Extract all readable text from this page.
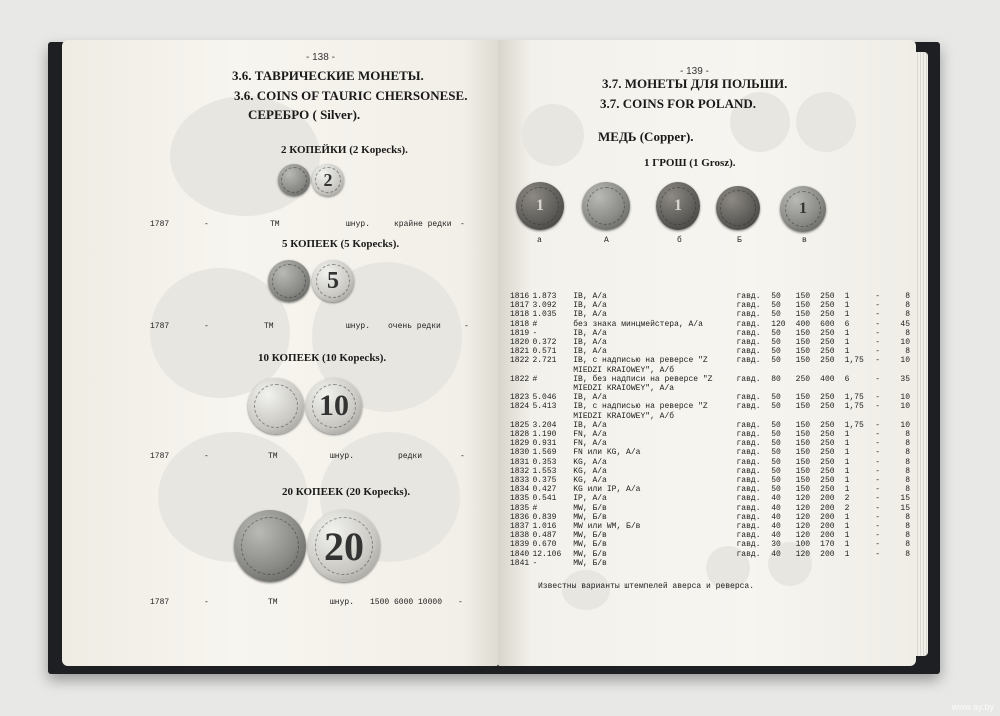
- 138 -
3.6. ТАВРИЧЕСКИЕ МОНЕТЫ.
3.6. COINS OF TAURIC CHERSONESE.
СЕРЕБРО ( Silver).
2 КОПЕЙКИ (2 Kopecks).
2
1787	-	ТМ	шнур.	крайне редки -
5 КОПЕЕК (5 Kopecks).
5
1787	-	ТМ	шнур. очень редки	-
10 КОПЕЕК (10 Kopecks).
10
1787	-	ТМ	шнур.	редки	-
20 КОПЕЕК (20 Kopecks).
20
1787	-	ТМ	шнур. 1500 6000 10000 -
- 139 -
3.7. МОНЕТЫ ДЛЯ ПОЛЬШИ.
3.7. COINS FOR POLAND.
МЕДЬ (Copper).
1 ГРОШ (1 Grosz).
1	1	1
а	А	б	Б	в
1816	1.873	IB, А/а	гавд.	50	150	250	1	-	8
1817	3.092	IB, А/а	гавд.	50	150	250	1	-	8
1818	1.035	IB, А/а	гавд.	50	150	250	1	-	8
1818	#	без знака минцмейстера, А/а	гавд.	120	400	600	6	-	45
1819	-	IB, А/а	гавд.	50	150	250	1	-	8
1820	0.372	IB, А/а	гавд.	50	150	250	1	-	10
1821	0.571	IB, А/а	гавд.	50	150	250	1	-	8
1822	2.721	IB, с надписью на реверсе "Z MIEDZI KRAIOWEY", А/б	гавд.	50	150	250	1,75	-	10
1822	#	IB, без надписи на реверсе "Z MIEDZI KRAIOWEY", А/а	гавд.	80	250	400	6	-	35
1823	5.046	IB, А/а	гавд.	50	150	250	1,75	-	10
1824	5.413	IB, с надписью на реверсе "Z MIEDZI KRAIOWEY", А/б	гавд.	50	150	250	1,75	-	10
1825	3.204	IB, А/а	гавд.	50	150	250	1,75	-	10
1828	1.190	FN, А/а	гавд.	50	150	250	1	-	8
1829	0.931	FN, А/а	гавд.	50	150	250	1	-	8
1830	1.569	FN или KG, А/а	гавд.	50	150	250	1	-	8
1831	0.353	KG, А/а	гавд.	50	150	250	1	-	8
1832	1.553	KG, А/а	гавд.	50	150	250	1	-	8
1833	0.375	KG, А/а	гавд.	50	150	250	1	-	8
1834	0.427	KG или IP, А/а	гавд.	50	150	250	1	-	8
1835	0.541	IP, А/а	гавд.	40	120	200	2	-	15
1835	#	MW, Б/в	гавд.	40	120	200	2	-	15
1836	0.839	MW, Б/в	гавд.	40	120	200	1	-	8
1837	1.016	MW или WM, Б/в	гавд.	40	120	200	1	-	8
1838	0.487	MW, Б/в	гавд.	40	120	200	1	-	8
1839	0.670	MW, Б/в	гавд.	30	100	170	1	-	8
1840	12.106	MW, Б/в	гавд.	40	120	200	1	-	8
1841	-	MW, Б/в							
Известны варианты штемпелей аверса и реверса.
www.ay.by
